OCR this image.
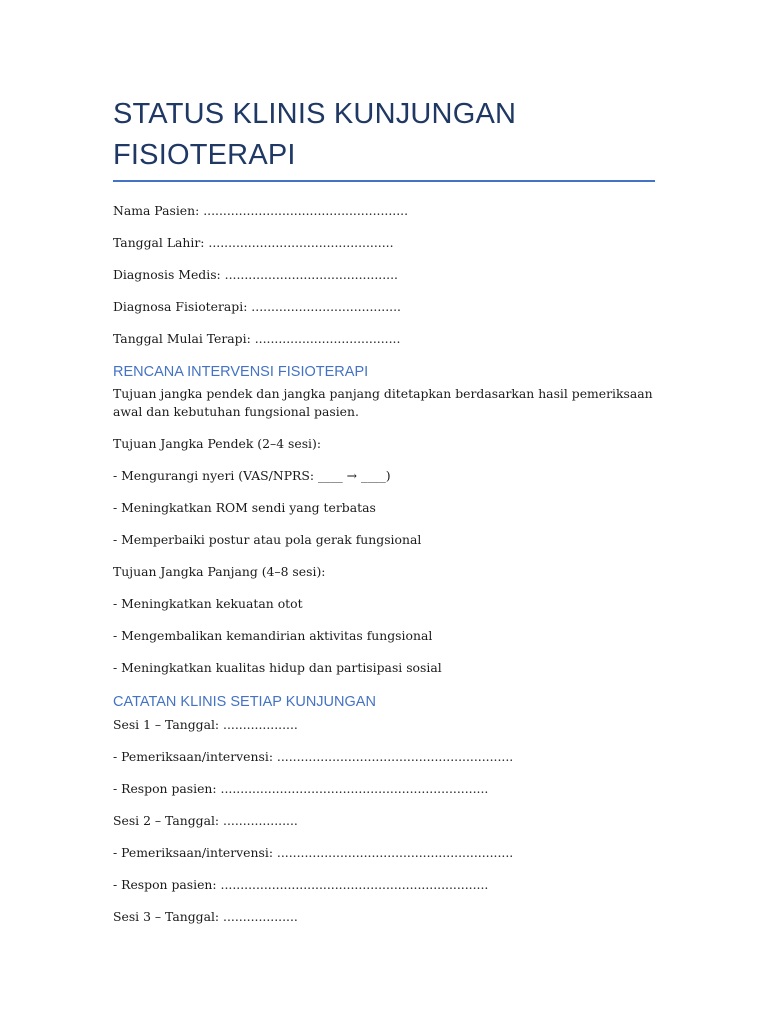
STATUS KLINIS KUNJUNGAN
FISIOTERAPI
Nama Pasien: ....................................................
Tanggal Lahir: ...............................................
Diagnosis Medis: ............................................
Diagnosa Fisioterapi: ......................................
Tanggal Mulai Terapi: .....................................
RENCANA INTERVENSI FISIOTERAPI
Tujuan jangka pendek dan jangka panjang ditetapkan berdasarkan hasil pemeriksaan awal dan kebutuhan fungsional pasien.
Tujuan Jangka Pendek (2–4 sesi):
- Mengurangi nyeri (VAS/NPRS: ____ → ____)
- Meningkatkan ROM sendi yang terbatas
- Memperbaiki postur atau pola gerak fungsional
Tujuan Jangka Panjang (4–8 sesi):
- Meningkatkan kekuatan otot
- Mengembalikan kemandirian aktivitas fungsional
- Meningkatkan kualitas hidup dan partisipasi sosial
CATATAN KLINIS SETIAP KUNJUNGAN
Sesi 1 – Tanggal: ...................
- Pemeriksaan/intervensi: ............................................................
- Respon pasien: ....................................................................
Sesi 2 – Tanggal: ...................
- Pemeriksaan/intervensi: ............................................................
- Respon pasien: ....................................................................
Sesi 3 – Tanggal: ...................
